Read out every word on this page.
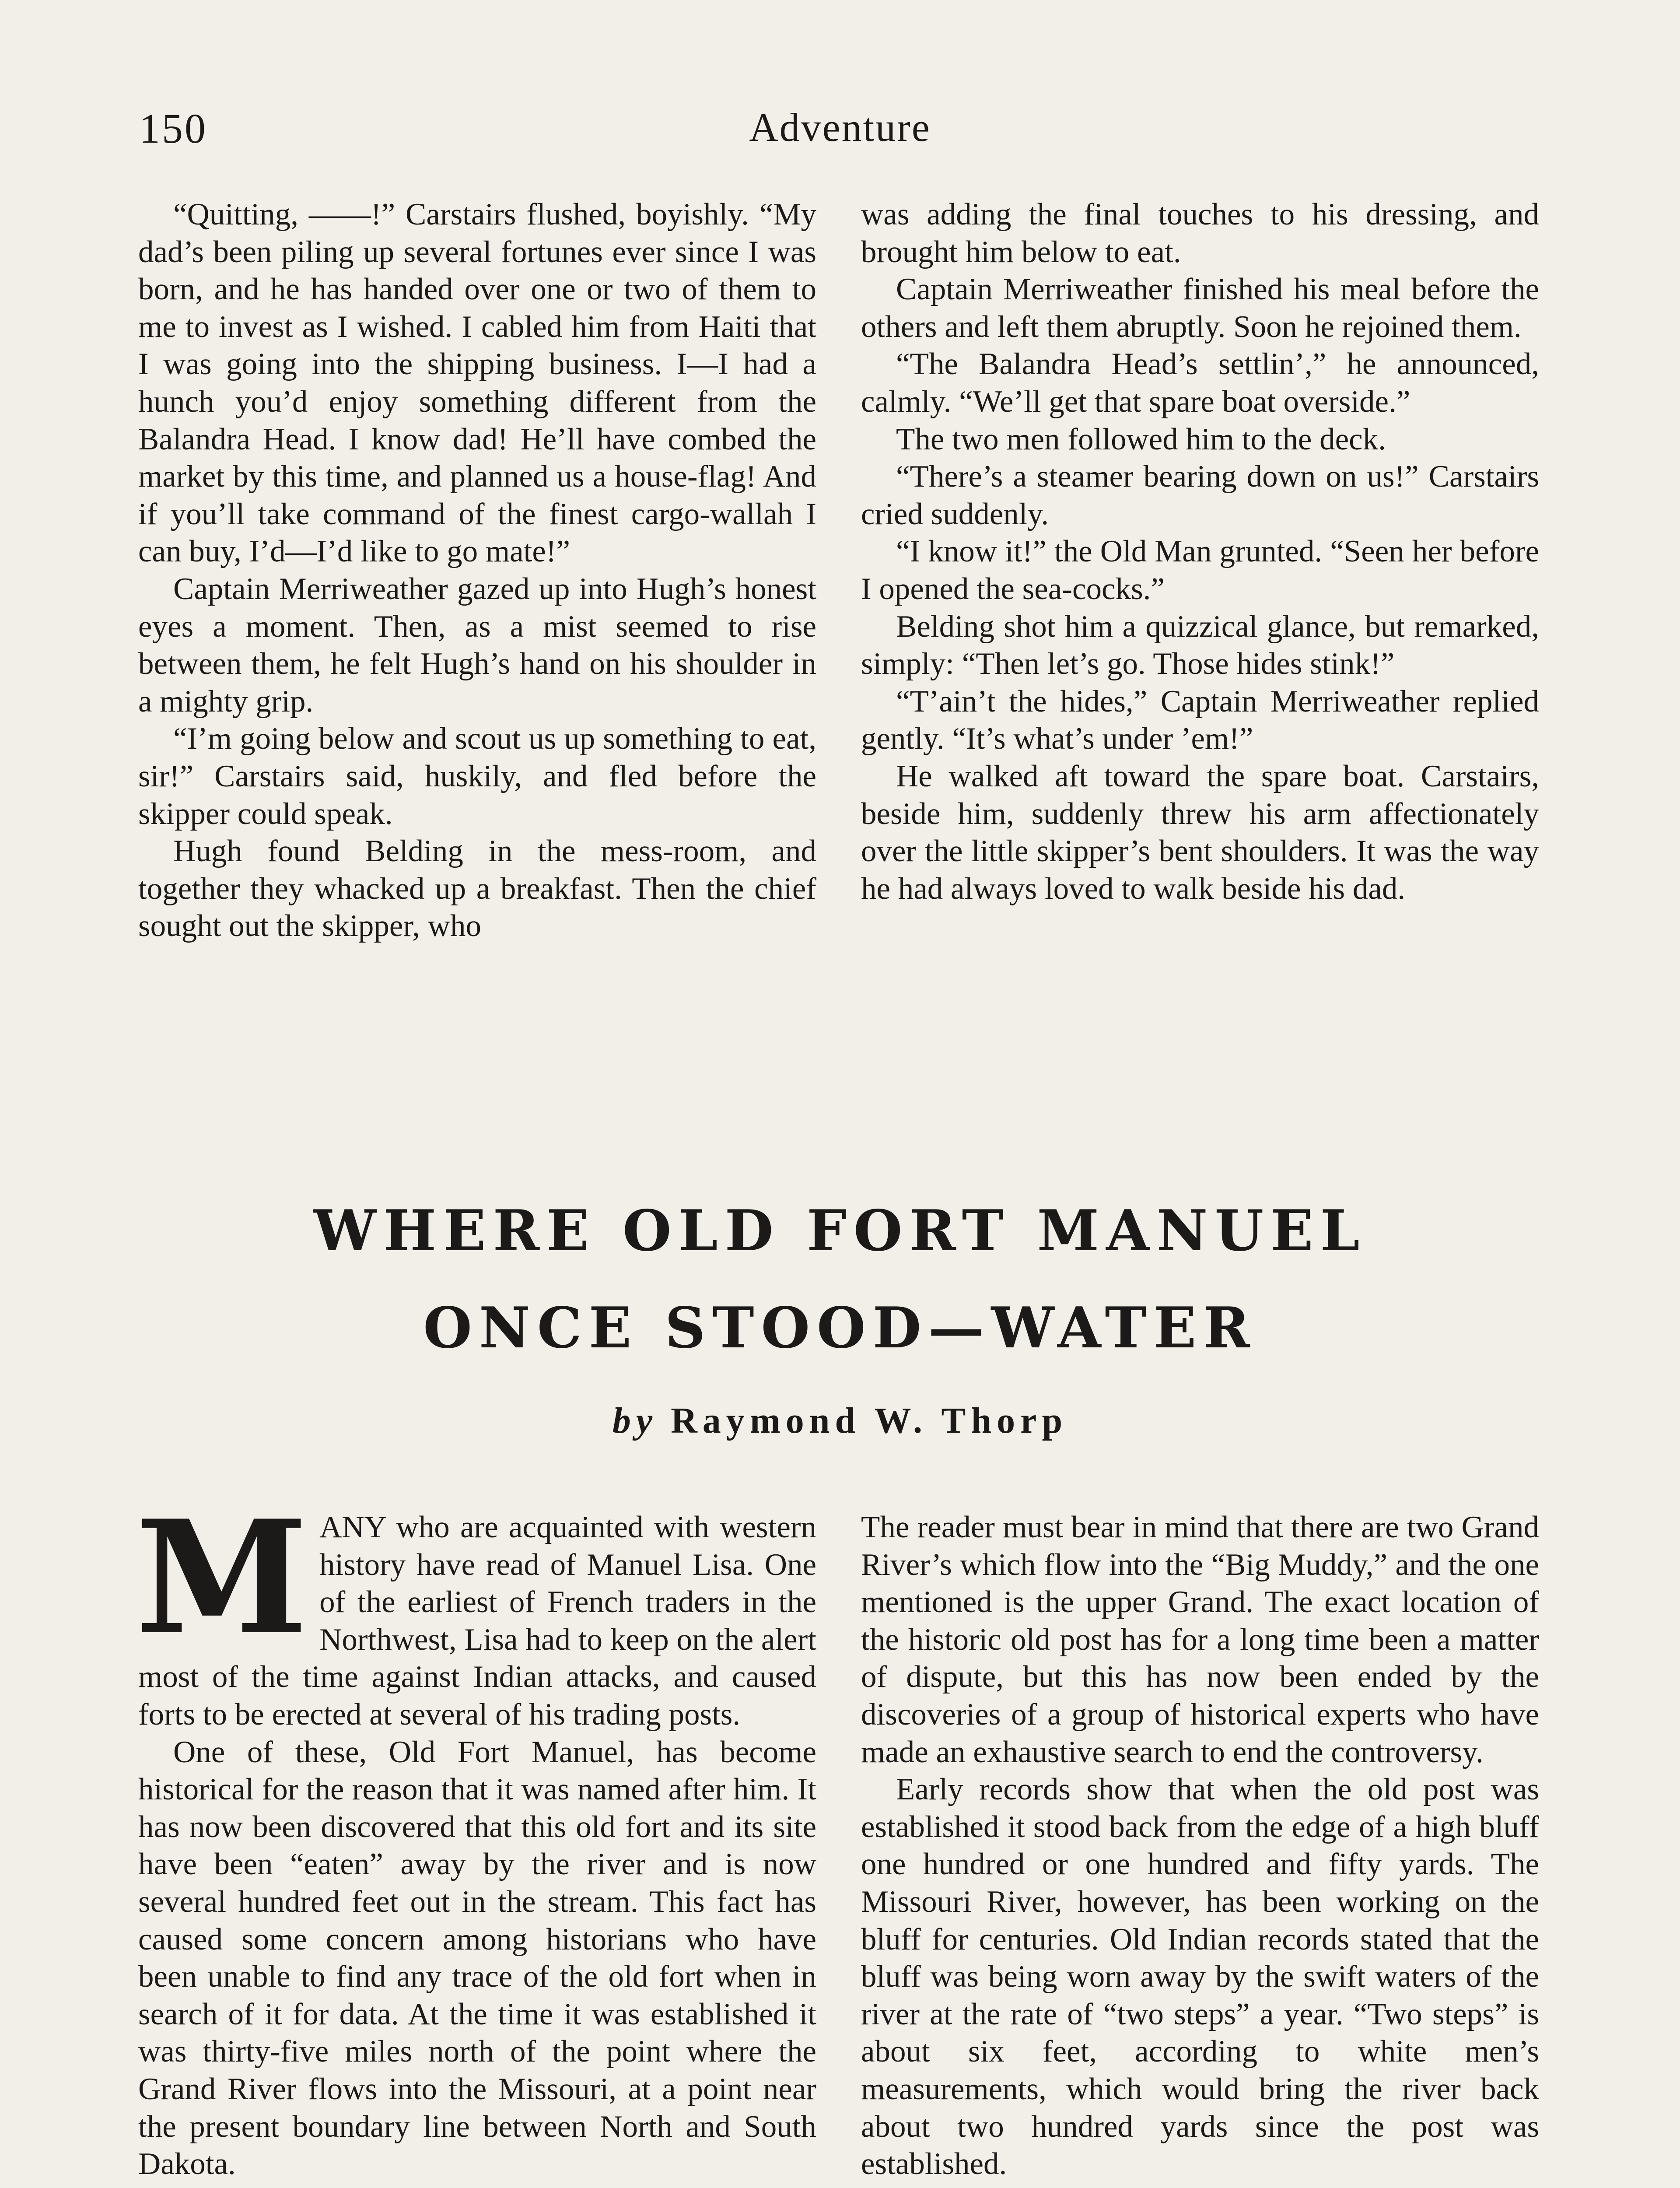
150	Adventure

“Quitting, ——!” Carstairs flushed, boyishly. “My dad’s been piling up several fortunes ever since I was born, and he has handed over one or two of them to me to invest as I wished. I cabled him from Haiti that I was going into the shipping business. I—I had a hunch you’d enjoy something different from the Balandra Head. I know dad! He’ll have combed the market by this time, and planned us a house-flag! And if you’ll take command of the finest cargo-wallah I can buy, I’d—I’d like to go mate!”

Captain Merriweather gazed up into Hugh’s honest eyes a moment. Then, as a mist seemed to rise between them, he felt Hugh’s hand on his shoulder in a mighty grip.

“I’m going below and scout us up something to eat, sir!” Carstairs said, huskily, and fled before the skipper could speak.

Hugh found Belding in the mess-room, and together they whacked up a breakfast. Then the chief sought out the skipper, who

was adding the final touches to his dressing, and brought him below to eat.

Captain Merriweather finished his meal before the others and left them abruptly. Soon he rejoined them.

“The Balandra Head’s settlin’,” he announced, calmly. “We’ll get that spare boat overside.”

The two men followed him to the deck.

“There’s a steamer bearing down on us!” Carstairs cried suddenly.

“I know it!” the Old Man grunted. “Seen her before I opened the sea-cocks.”

Belding shot him a quizzical glance, but remarked, simply: “Then let’s go. Those hides stink!”

“T’ain’t the hides,” Captain Merriweather replied gently. “It’s what’s under ’em!”

He walked aft toward the spare boat. Carstairs, beside him, suddenly threw his arm affectionately over the little skipper’s bent shoulders. It was the way he had always loved to walk beside his dad.

WHERE OLD FORT MANUEL
ONCE STOOD—WATER
by Raymond W. Thorp

MANY who are acquainted with western history have read of Manuel Lisa. One of the earliest of French traders in the Northwest, Lisa had to keep on the alert most of the time against Indian attacks, and caused forts to be erected at several of his trading posts.

One of these, Old Fort Manuel, has become historical for the reason that it was named after him. It has now been discovered that this old fort and its site have been “eaten” away by the river and is now several hundred feet out in the stream. This fact has caused some concern among historians who have been unable to find any trace of the old fort when in search of it for data. At the time it was established it was thirty-five miles north of the point where the Grand River flows into the Missouri, at a point near the present boundary line between North and South Dakota.

The reader must bear in mind that there are two Grand River’s which flow into the “Big Muddy,” and the one mentioned is the upper Grand. The exact location of the historic old post has for a long time been a matter of dispute, but this has now been ended by the discoveries of a group of historical experts who have made an exhaustive search to end the controversy.

Early records show that when the old post was established it stood back from the edge of a high bluff one hundred or one hundred and fifty yards. The Missouri River, however, has been working on the bluff for centuries. Old Indian records stated that the bluff was being worn away by the swift waters of the river at the rate of “two steps” a year. “Two steps” is about six feet, according to white men’s measurements, which would bring the river back about two hundred yards since the post was established.
